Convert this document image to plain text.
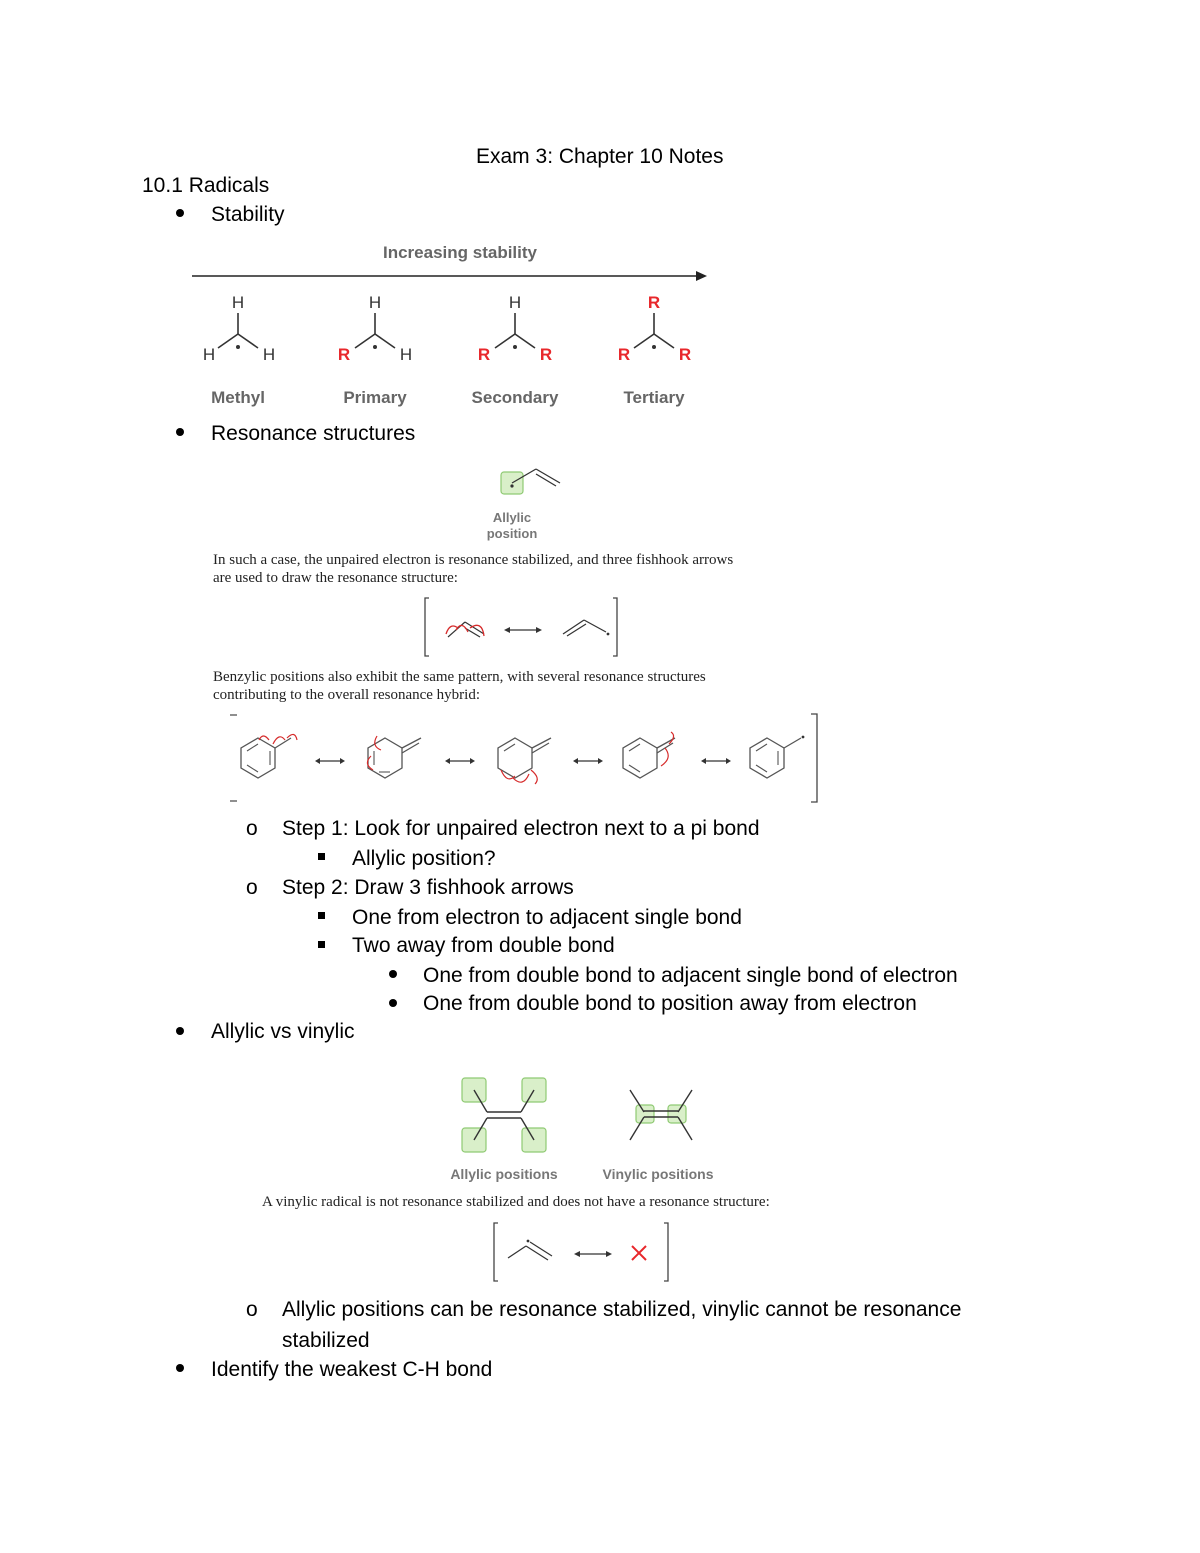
Exam 3: Chapter 10 Notes
10.1 Radicals
Stability
Increasing stability
H
H	H
Methyl
H
R	H
Primary
H
R	R
Secondary
R
R	R
Tertiary
Resonance structures
Allylic
position
In such a case, the unpaired electron is resonance stabilized, and three fishhook arrows
are used to draw the resonance structure:
Benzylic positions also exhibit the same pattern, with several resonance structures
contributing to the overall resonance hybrid:
o Step 1: Look for unpaired electron next to a pi bond
Allylic position?
o Step 2: Draw 3 fishhook arrows
One from electron to adjacent single bond
Two away from double bond
One from double bond to adjacent single bond of electron
One from double bond to position away from electron
Allylic vs vinylic
Allylic positions	Vinylic positions
A vinylic radical is not resonance stabilized and does not have a resonance structure:
o Allylic positions can be resonance stabilized, vinylic cannot be resonance
stabilized
Identify the weakest C-H bond
